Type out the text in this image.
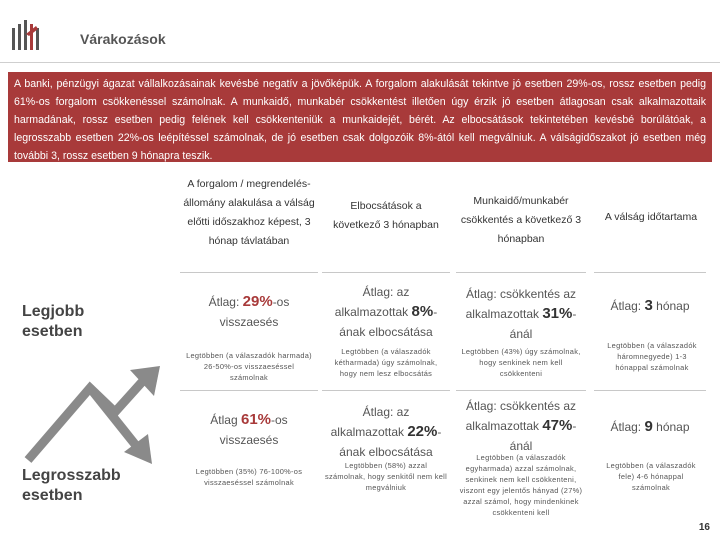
Várakozások
A banki, pénzügyi ágazat vállalkozásainak kevésbé negatív a jövőképük. A forgalom alakulását tekintve jó esetben 29%-os, rossz esetben pedig 61%-os forgalom csökkenéssel számolnak. A munkaidő, munkabér csökkentést illetően úgy érzik jó esetben átlagosan csak alkalmazottaik harmadának, rossz esetben pedig felének kell csökkenteniük a munkaidejét, bérét. Az elbocsátások tekintetében kevésbé borúlátóak, a legrosszabb esetben 22%-os leépítéssel számolnak, de jó esetben csak dolgozóik 8%-ától kell megválniuk. A válságidőszakot jó esetben még további 3, rossz esetben 9 hónapra teszik.
A forgalom / megrendelés-állomány alakulása a válság előtti időszakhoz képest, 3 hónap távlatában
Elbocsátások a következő 3 hónapban
Munkaidő/munkabér csökkentés a következő 3 hónapban
A válság időtartama
Legjobb esetben
Legrosszabb esetben
Átlag: 29%-os
visszaesés
Átlag: az
alkalmazottak 8%-
ának elbocsátása
Átlag: csökkentés az
alkalmazottak 31%-
ánál
Átlag: 3 hónap
Legtöbben (a válaszadók harmada) 26-50%-os visszaeséssel számolnak
Legtöbben (a válaszadók kétharmada) úgy számolnak, hogy nem lesz elbocsátás
Legtöbben (43%) úgy számolnak, hogy senkinek nem kell csökkenteni
Legtöbben (a válaszadók háromnegyede) 1-3 hónappal számolnak
Átlag 61%-os
visszaesés
Átlag: az
alkalmazottak 22%-
ának elbocsátása
Átlag: csökkentés az
alkalmazottak 47%-
ánál
Átlag: 9 hónap
Legtöbben (35%) 76-100%-os visszaeséssel számolnak
Legtöbben (58%) azzal számolnak, hogy senkitől nem kell megválniuk
Legtöbben (a válaszadók egyharmada) azzal számolnak, senkinek nem kell csökkenteni, viszont egy jelentős hányad (27%) azzal számol, hogy mindenkinek csökkenteni kell
Legtöbben (a válaszadók fele) 4-6 hónappal számolnak
16
